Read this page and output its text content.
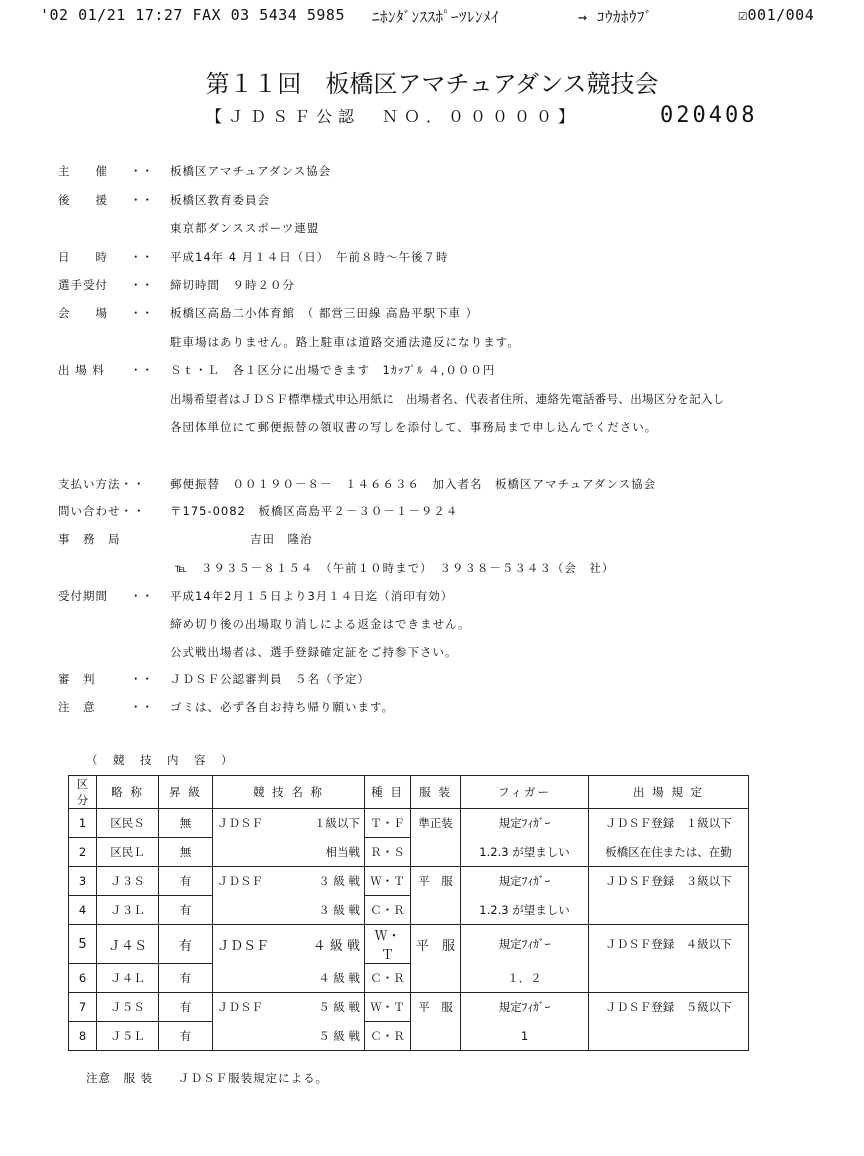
'02 01/21 17:27 FAX 03 5434 5985 ﾆﾎﾝﾀﾞﾝｽｽﾎﾟｰﾂﾚﾝﾒｲ	→ ｺｳｶﾎｳﾌﾞ	☑001/004
第１１回　板橋区アマチュアダンス競技会
【ＪＤＳＦ公認　ＮＯ．０００００】	020408
主　　催 ・・ 板橋区アマチュアダンス協会
後　　援 ・・ 板橋区教育委員会
東京都ダンススポーツ連盟
日　　時 ・・ 平成14年 4 月１４日（日）　午前８時～午後７時
選手受付 ・・ 締切時間　９時２０分
会　　場 ・・ 板橋区高島二小体育館　（ 都営三田線 高島平駅下車 ）
駐車場はありません。路上駐車は道路交通法違反になります。
出 場 料 ・・ Ｓｔ・Ｌ　各１区分に出場できます　1ｶｯﾌﾟﾙ ４,０００円
出場希望者はＪＤＳＦ標準様式申込用紙に　出場者名、代表者住所、連絡先電話番号、出場区分を記入し
各団体単位にて郵便振替の領収書の写しを添付して、事務局まで申し込んでください。
支払い方法・・ 郵便振替　００１９０－８－　１４６６３６　加入者名　板橋区アマチュアダンス協会
問い合わせ・・ 〒175-0082　板橋区高島平２－３０－１－９２４
事　務　局	吉田　隆治
℡　３９３５－８１５４　（午前１０時まで）　３９３８－５３４３（会　社）
受付期間 ・・ 平成14年2月１５日より3月１４日迄（消印有効）
締め切り後の出場取り消しによる返金はできません。
公式戦出場者は、選手登録確定証をご持参下さい。
審　判	・・ ＪＤＳＦ公認審判員　５名（予定）
注　意	・・ ゴミは、必ず各自お持ち帰り願います。
（　競　技　内　容　）
区分	略 称	昇 級	競 技 名 称	種 目	服 装	フィガー	出 場 規 定
1	区民Ｓ	無	ＪＤＳＦ １級以下	Ｔ・Ｆ	準正装	規定ﾌｨｶﾞｰ	ＪＤＳＦ登録　１級以下
2	区民Ｌ	無	相当戦	Ｒ・Ｓ		1.2.3 が望ましい	板橋区在住または、在勤
3	Ｊ３Ｓ	有	ＪＤＳＦ ３ 級 戦	Ｗ・Ｔ	平　服	規定ﾌｨｶﾞｰ	ＪＤＳＦ登録　３級以下
4	Ｊ３Ｌ	有	３ 級 戦	Ｃ・Ｒ		1.2.3 が望ましい	
5	Ｊ４Ｓ	有	ＪＤＳＦ ４ 級 戦	Ｗ・Ｔ	平　服	規定ﾌｨｶﾞｰ	ＪＤＳＦ登録　４級以下
6	Ｊ４Ｌ	有	４ 級 戦	Ｃ・Ｒ		１．２	
7	Ｊ５Ｓ	有	ＪＤＳＦ ５ 級 戦	Ｗ・Ｔ	平　服	規定ﾌｨｶﾞｰ	ＪＤＳＦ登録　５級以下
8	Ｊ５Ｌ	有	５ 級 戦	Ｃ・Ｒ		1	
注意　服 装　　ＪＤＳＦ服装規定による。
